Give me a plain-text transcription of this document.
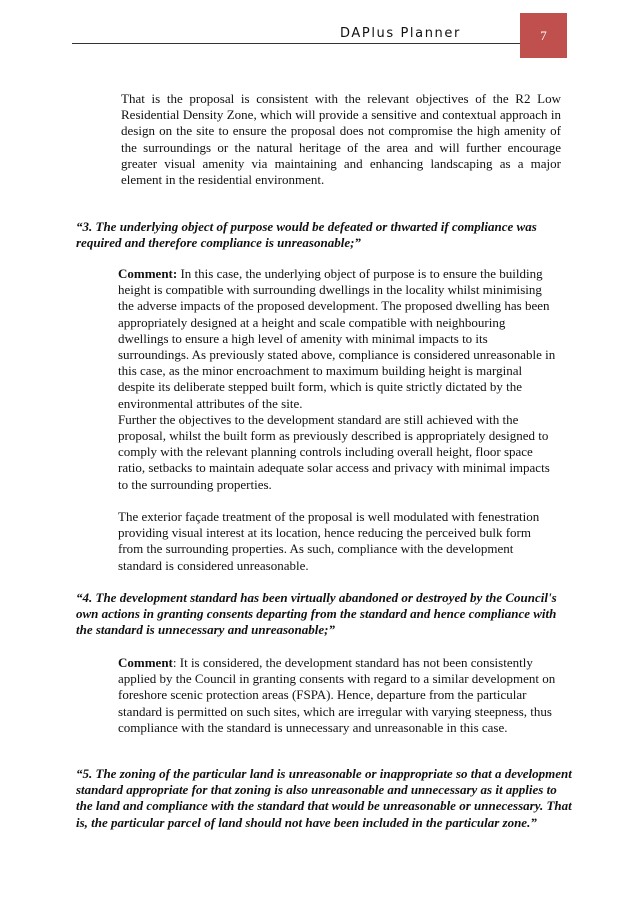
DAPlus Planner	7

That is the proposal is consistent with the relevant objectives of the R2 Low Residential Density Zone, which will provide a sensitive and contextual approach in design on the site to ensure the proposal does not compromise the high amenity of the surroundings or the natural heritage of the area and will further encourage greater visual amenity via maintaining and enhancing landscaping as a major element in the residential environment.

“3. The underlying object of purpose would be defeated or thwarted if compliance was required and therefore compliance is unreasonable;”

Comment: In this case, the underlying object of purpose is to ensure the building height is compatible with surrounding dwellings in the locality whilst minimising the adverse impacts of the proposed development. The proposed dwelling has been appropriately designed at a height and scale compatible with neighbouring dwellings to ensure a high level of amenity with minimal impacts to its surroundings. As previously stated above, compliance is considered unreasonable in this case, as the minor encroachment to maximum building height is marginal despite its deliberate stepped built form, which is quite strictly dictated by the environmental attributes of the site.
Further the objectives to the development standard are still achieved with the proposal, whilst the built form as previously described is appropriately designed to comply with the relevant planning controls including overall height, floor space ratio, setbacks to maintain adequate solar access and privacy with minimal impacts to the surrounding properties.

The exterior façade treatment of the proposal is well modulated with fenestration providing visual interest at its location, hence reducing the perceived bulk form from the surrounding properties. As such, compliance with the development standard is considered unreasonable.

“4. The development standard has been virtually abandoned or destroyed by the Council's own actions in granting consents departing from the standard and hence compliance with the standard is unnecessary and unreasonable;”

Comment: It is considered, the development standard has not been consistently applied by the Council in granting consents with regard to a similar development on foreshore scenic protection areas (FSPA). Hence, departure from the particular standard is permitted on such sites, which are irregular with varying steepness, thus compliance with the standard is unnecessary and unreasonable in this case.

“5. The zoning of the particular land is unreasonable or inappropriate so that a development standard appropriate for that zoning is also unreasonable and unnecessary as it applies to the land and compliance with the standard that would be unreasonable or unnecessary. That is, the particular parcel of land should not have been included in the particular zone.”
